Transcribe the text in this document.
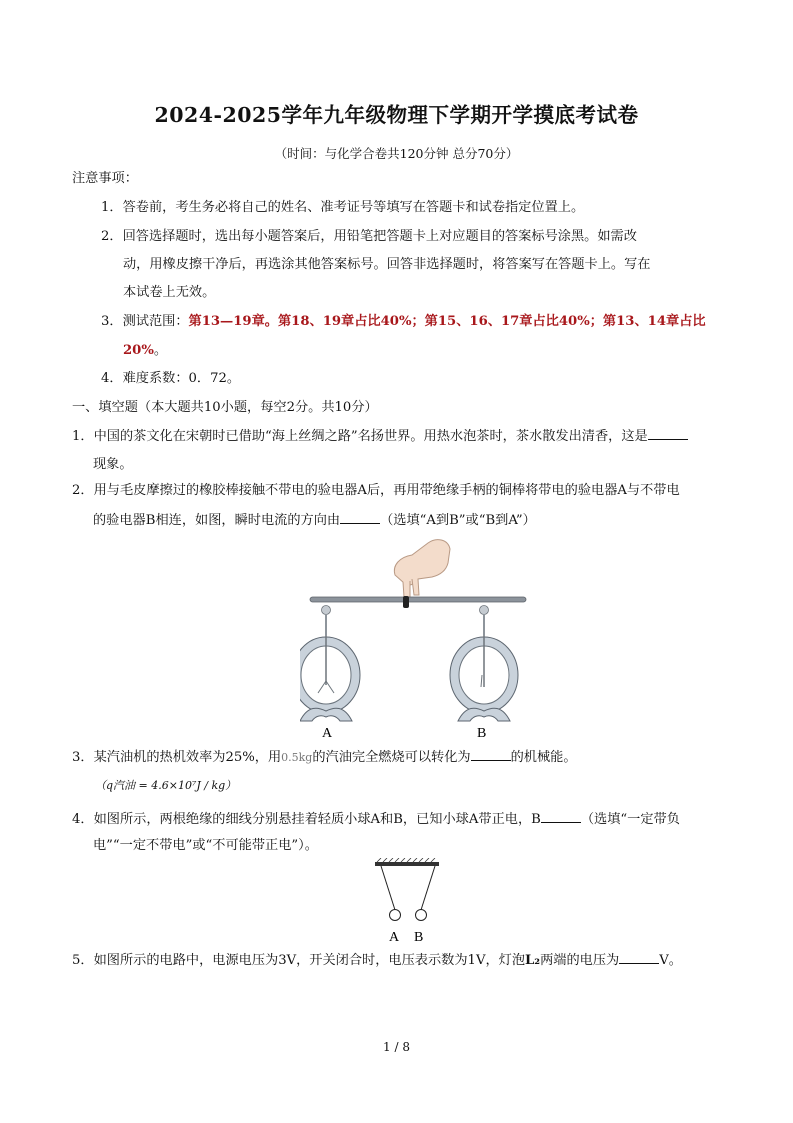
2024-2025学年九年级物理下学期开学摸底考试卷
（时间：与化学合卷共120分钟 总分70分）
注意事项：
1．答卷前，考生务必将自己的姓名、准考证号等填写在答题卡和试卷指定位置上。
2．回答选择题时，选出每小题答案后，用铅笔把答题卡上对应题目的答案标号涂黑。如需改
动，用橡皮擦干净后，再选涂其他答案标号。回答非选择题时，将答案写在答题卡上。写在
本试卷上无效。
3．测试范围：第13—19章。第18、19章占比40%；第15、16、17章占比40%；第13、14章占比
20%。
4．难度系数：0．72。
一、填空题（本大题共10小题，每空2分。共10分）
1．中国的茶文化在宋朝时已借助“海上丝绸之路”名扬世界。用热水泡茶时，茶水散发出清香，这是
现象。
2．用与毛皮摩擦过的橡胶棒接触不带电的验电器A后，再用带绝缘手柄的铜棒将带电的验电器A与不带电
的验电器B相连，如图，瞬时电流的方向由	（选填“A到B”或“B到A”）
A	B
3．某汽油机的热机效率为25%，用0.5kg的汽油完全燃烧可以转化为	的机械能。
（q汽油 = 4.6×10⁷J / kg）
4．如图所示，两根绝缘的细线分别悬挂着轻质小球A和B，已知小球A带正电，B	（选填“一定带负
电”“一定不带电”或“不可能带正电”）。
A B
5．如图所示的电路中，电源电压为3V，开关闭合时，电压表示数为1V，灯泡L₂两端的电压为	V。
1 / 8
